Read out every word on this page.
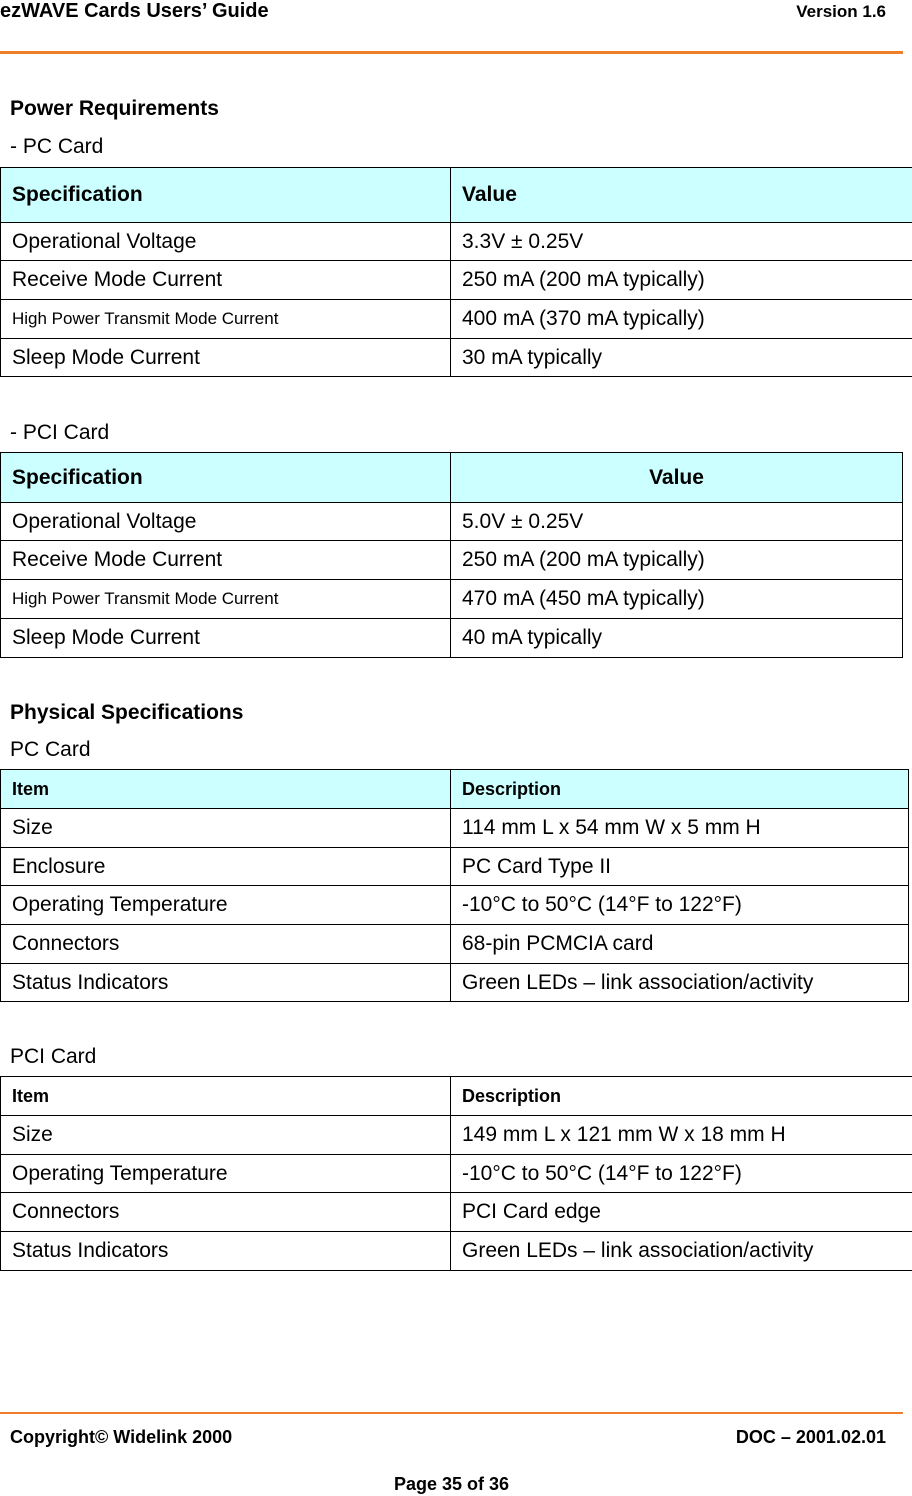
ezWAVE Cards Users’ Guide	Version 1.6
Power Requirements
- PC Card
Specification	Value
Operational Voltage	3.3V ± 0.25V
Receive Mode Current	250 mA (200 mA typically)
High Power Transmit Mode Current	400 mA (370 mA typically)
Sleep Mode Current	30 mA typically
- PCI Card
Specification	Value
Operational Voltage	5.0V ± 0.25V
Receive Mode Current	250 mA (200 mA typically)
High Power Transmit Mode Current	470 mA (450 mA typically)
Sleep Mode Current	40 mA typically
Physical Specifications
PC Card
Item	Description
Size	114 mm L x 54 mm W x 5 mm H
Enclosure	PC Card Type II
Operating Temperature	-10°C to 50°C (14°F to 122°F)
Connectors	68-pin PCMCIA card
Status Indicators	Green LEDs – link association/activity
PCI Card
Item	Description
Size	149 mm L x 121 mm W x 18 mm H
Operating Temperature	-10°C to 50°C (14°F to 122°F)
Connectors	PCI Card edge
Status Indicators	Green LEDs – link association/activity
Copyright© Widelink 2000	DOC – 2001.02.01
Page 35 of 36
